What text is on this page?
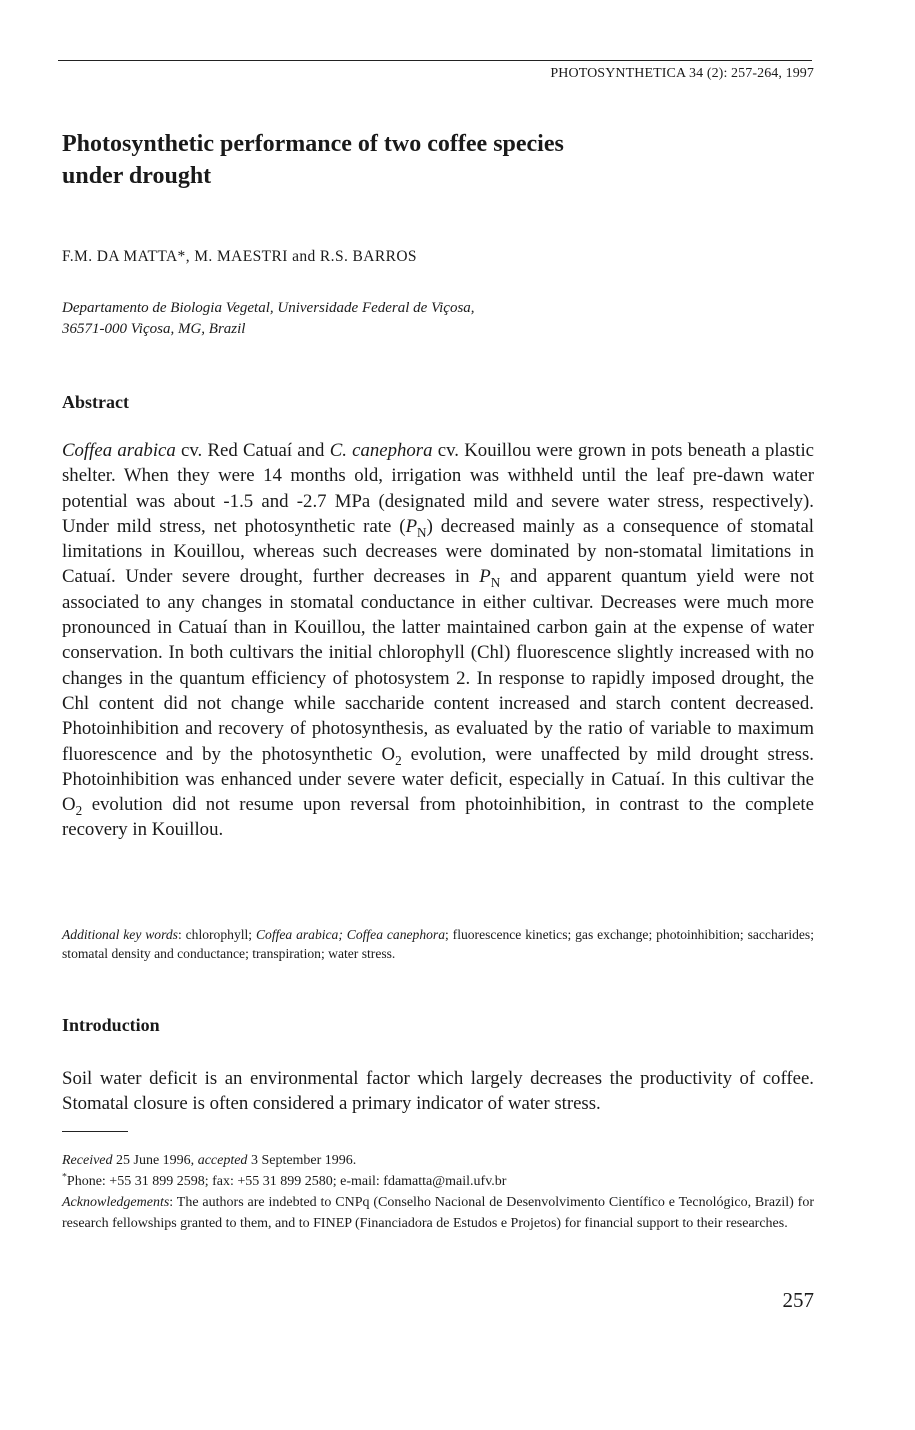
PHOTOSYNTHETICA 34 (2): 257-264, 1997
Photosynthetic performance of two coffee species
under drought
F.M. DA MATTA*, M. MAESTRI and R.S. BARROS
Departamento de Biologia Vegetal, Universidade Federal de Viçosa,
36571-000 Viçosa, MG, Brazil
Abstract

Coffea arabica cv. Red Catuaí and C. canephora cv. Kouillou were grown in pots beneath a plastic shelter. When they were 14 months old, irrigation was withheld until the leaf pre-dawn water potential was about -1.5 and -2.7 MPa (designated mild and severe water stress, respectively). Under mild stress, net photosynthetic rate $(P_N)$ decreased mainly as a consequence of stomatal limitations in Kouillou, whereas such decreases were dominated by non-stomatal limitations in Catuaí. Under severe drought, further decreases in $P_N$ and apparent quantum yield were not associated to any changes in stomatal conductance in either cultivar. Decreases were much more pronounced in Catuaí than in Kouillou, the latter maintained carbon gain at the expense of water conservation. In both cultivars the initial chlorophyll (Chl) fluorescence slightly increased with no changes in the quantum efficiency of photosystem 2. In response to rapidly imposed drought, the Chl content did not change while saccharide content increased and starch content decreased. Photoinhibition and recovery of photosynthesis, as evaluated by the ratio of variable to maximum fluorescence and by the photosynthetic $O_2$ evolution, were unaffected by mild drought stress. Photoinhibition was enhanced under severe water deficit, especially in Catuaí. In this cultivar the $O_2$ evolution did not resume upon reversal from photoinhibition, in contrast to the complete recovery in Kouillou.

Additional key words: chlorophyll; Coffea arabica; Coffea canephora; fluorescence kinetics; gas exchange; photoinhibition; saccharides; stomatal density and conductance; transpiration; water stress.

Introduction

Soil water deficit is an environmental factor which largely decreases the productivity of coffee. Stomatal closure is often considered a primary indicator of water stress.

Received 25 June 1996, accepted 3 September 1996.

*Phone: +55 31 899 2598; fax: +55 31 899 2580; e-mail: fdamatta@mail.ufv.br

Acknowledgements: The authors are indebted to CNPq (Conselho Nacional de Desenvolvimento Científico e Tecnológico, Brazil) for research fellowships granted to them, and to FINEP (Financiadora de Estudos e Projetos) for financial support to their researches.

257
